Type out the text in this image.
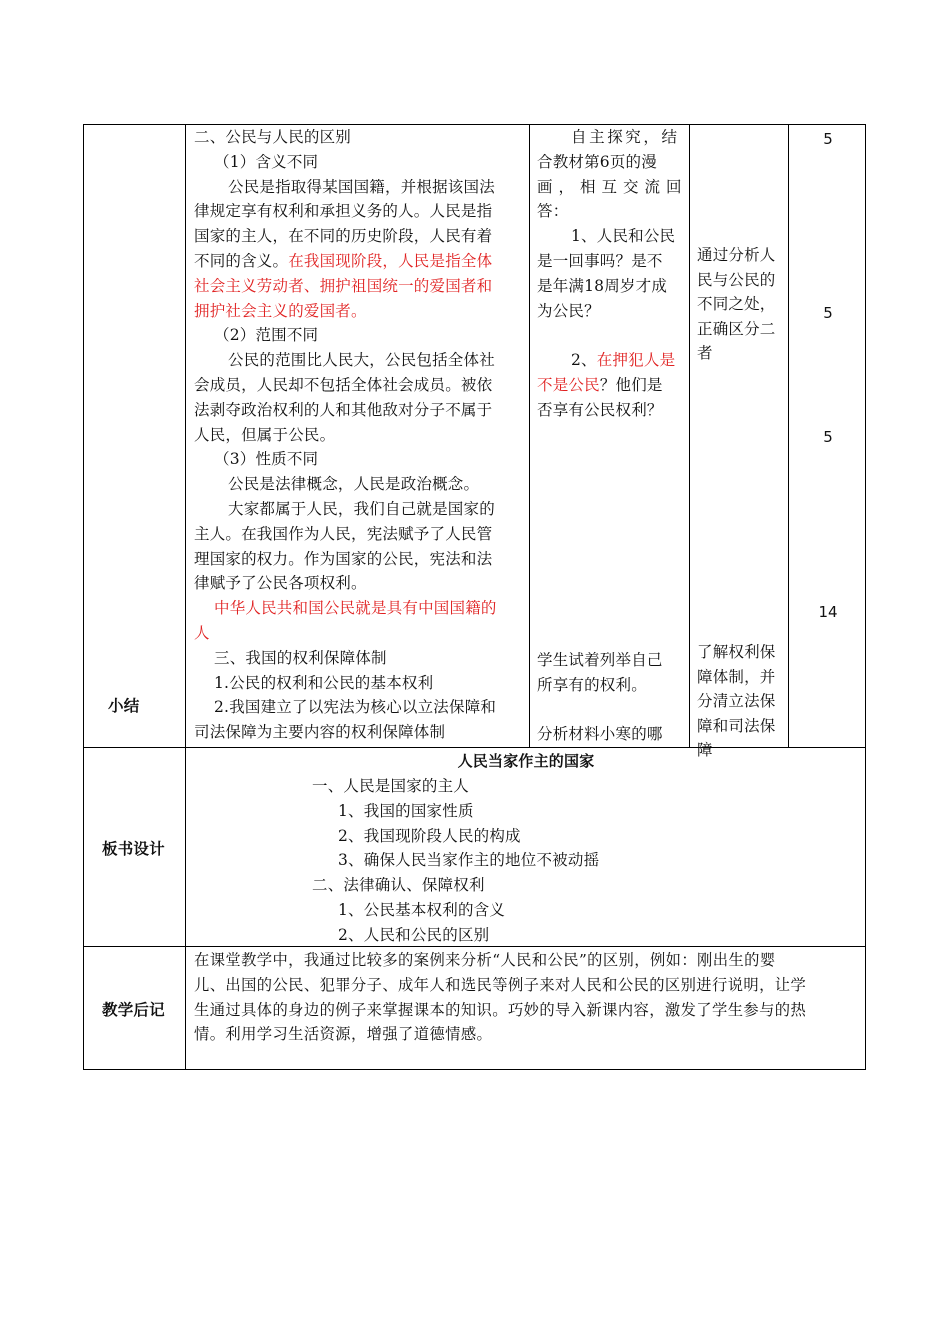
小结

二、公民与人民的区别

（1）含义不同

公民是指取得某国国籍，并根据该国法

律规定享有权利和承担义务的人。人民是指

国家的主人，在不同的历史阶段，人民有着

不同的含义。在我国现阶段，人民是指全体

社会主义劳动者、拥护祖国统一的爱国者和

拥护社会主义的爱国者。

（2）范围不同

公民的范围比人民大，公民包括全体社

会成员，人民却不包括全体社会成员。被依

法剥夺政治权利的人和其他敌对分子不属于

人民，但属于公民。

（3）性质不同

公民是法律概念，人民是政治概念。

大家都属于人民，我们自己就是国家的

主人。在我国作为人民，宪法赋予了人民管

理国家的权力。作为国家的公民，宪法和法

律赋予了公民各项权利。

中华人民共和国公民就是具有中国国籍的

人

三、我国的权利保障体制

1.公民的权利和公民的基本权利

2.我国建立了以宪法为核心以立法保障和

司法保障为主要内容的权利保障体制

自主探究，结

合教材第6页的漫

画，相互交流回

答：

1、人民和公民

是一回事吗？是不

是年满18周岁才成

为公民？

2、在押犯人是

不是公民？他们是

否享有公民权利？

学生试着列举自己

所享有的权利。

分析材料小寒的哪

通过分析人

民与公民的

不同之处，

正确区分二

者

了解权利保

障体制，并

分清立法保

障和司法保

障

5
5
5
14
板书设计
人民当家作主的国家

一、人民是国家的主人

1、我国的国家性质

2、我国现阶段人民的构成

3、确保人民当家作主的地位不被动摇

二、法律确认、保障权利

1、公民基本权利的含义

2、人民和公民的区别

教学后记

在课堂教学中，我通过比较多的案例来分析“人民和公民”的区别，例如：刚出生的婴

儿、出国的公民、犯罪分子、成年人和选民等例子来对人民和公民的区别进行说明，让学

生通过具体的身边的例子来掌握课本的知识。巧妙的导入新课内容，激发了学生参与的热

情。利用学习生活资源，增强了道德情感。
